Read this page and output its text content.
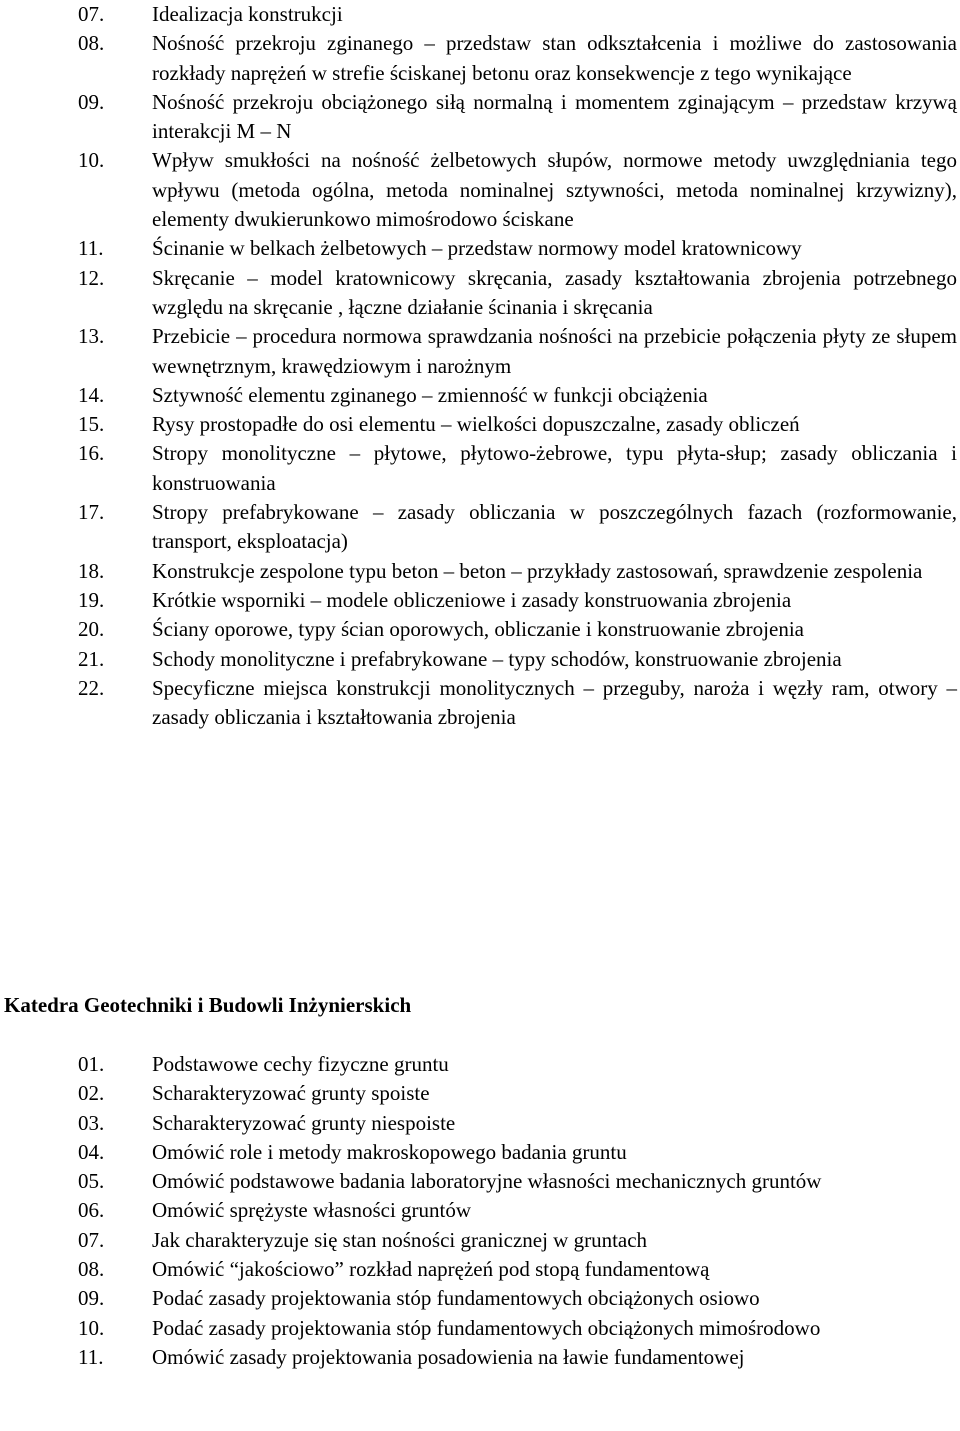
07.	Idealizacja konstrukcji
08.	Nośność przekroju zginanego – przedstaw stan odkształcenia i możliwe do zastosowania rozkłady naprężeń w strefie ściskanej betonu oraz konsekwencje z tego wynikające
09.	Nośność przekroju obciążonego siłą normalną i momentem zginającym – przedstaw krzywą interakcji M – N
10.	Wpływ smukłości na nośność żelbetowych słupów, normowe metody uwzględniania tego wpływu (metoda ogólna, metoda nominalnej sztywności, metoda nominalnej krzywizny), elementy dwukierunkowo mimośrodowo ściskane
11.	Ścinanie w belkach żelbetowych – przedstaw normowy model kratownicowy
12.	Skręcanie – model kratownicowy skręcania, zasady kształtowania zbrojenia potrzebnego względu na skręcanie , łączne działanie ścinania i skręcania
13.	Przebicie – procedura normowa sprawdzania nośności na przebicie połączenia płyty ze słupem wewnętrznym, krawędziowym i narożnym
14.	Sztywność elementu zginanego – zmienność w funkcji obciążenia
15.	Rysy prostopadłe do osi elementu – wielkości dopuszczalne, zasady obliczeń
16.	Stropy monolityczne – płytowe, płytowo-żebrowe, typu płyta-słup; zasady obliczania i konstruowania
17.	Stropy prefabrykowane – zasady obliczania w poszczególnych fazach (rozformowanie, transport, eksploatacja)
18.	Konstrukcje zespolone typu beton – beton – przykłady zastosowań, sprawdzenie zespolenia
19.	Krótkie wsporniki – modele obliczeniowe i zasady konstruowania zbrojenia
20.	Ściany oporowe, typy ścian oporowych, obliczanie i konstruowanie zbrojenia
21.	Schody monolityczne i prefabrykowane – typy schodów, konstruowanie zbrojenia
22.	Specyficzne miejsca konstrukcji monolitycznych – przeguby, naroża i węzły ram, otwory – zasady obliczania i kształtowania zbrojenia
Katedra Geotechniki i Budowli Inżynierskich
01.	Podstawowe cechy fizyczne gruntu
02.	Scharakteryzować grunty spoiste
03.	Scharakteryzować grunty niespoiste
04.	Omówić role i metody makroskopowego badania gruntu
05.	Omówić podstawowe badania laboratoryjne własności mechanicznych gruntów
06.	Omówić sprężyste własności gruntów
07.	Jak charakteryzuje się stan nośności granicznej w gruntach
08.	Omówić “jakościowo” rozkład naprężeń pod stopą fundamentową
09.	Podać zasady projektowania stóp fundamentowych obciążonych osiowo
10.	Podać zasady projektowania stóp fundamentowych obciążonych mimośrodowo
11.	Omówić zasady projektowania posadowienia na ławie fundamentowej
